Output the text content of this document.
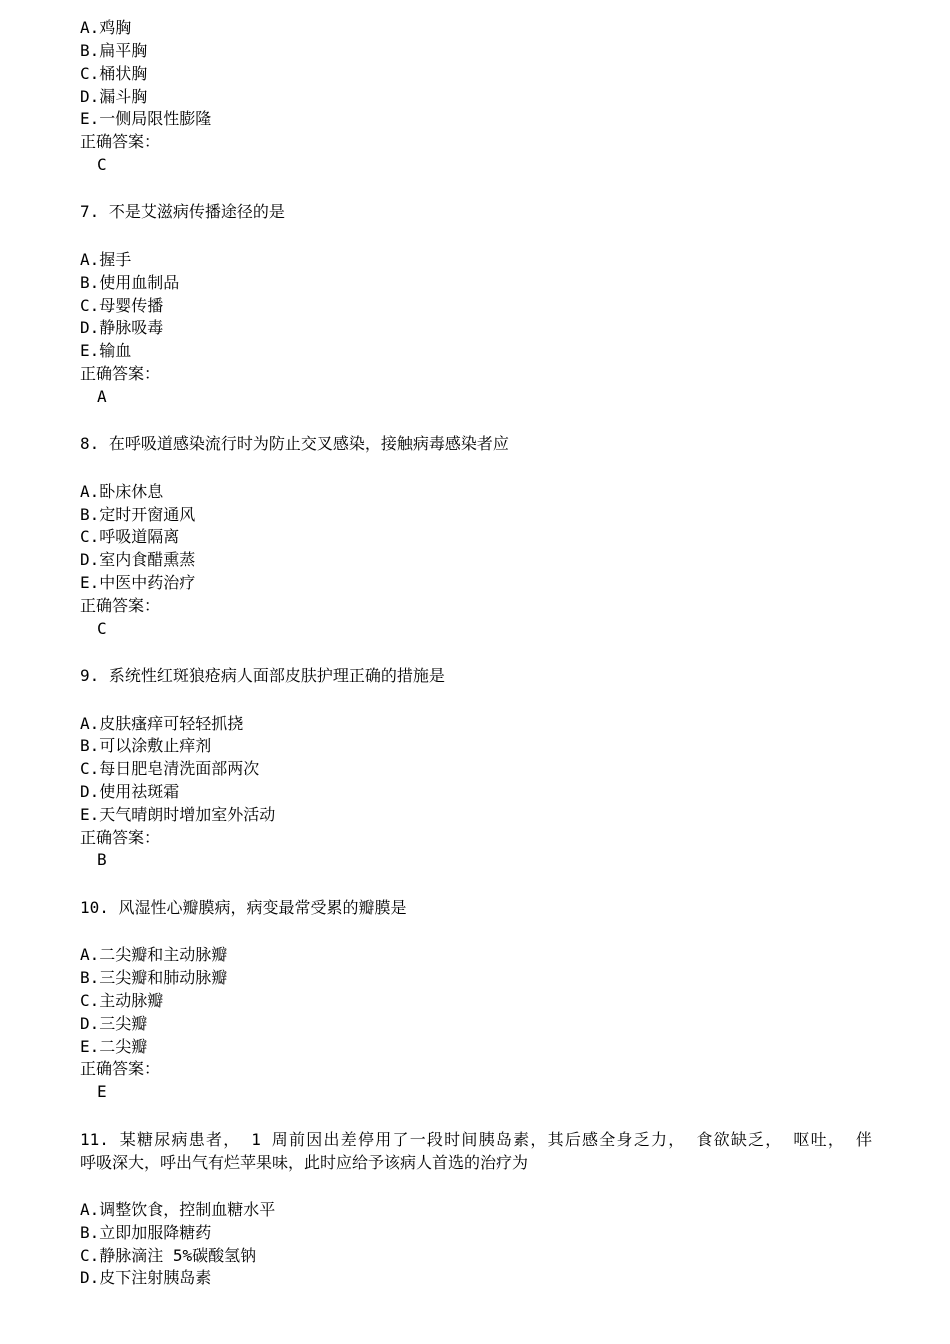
A.鸡胸
B.扁平胸
C.桶状胸
D.漏斗胸
E.一侧局限性膨隆
正确答案：
C
7. 不是艾滋病传播途径的是
A.握手
B.使用血制品
C.母婴传播
D.静脉吸毒
E.输血
正确答案：
A
8. 在呼吸道感染流行时为防止交叉感染，接触病毒感染者应
A.卧床休息
B.定时开窗通风
C.呼吸道隔离
D.室内食醋熏蒸
E.中医中药治疗
正确答案：
C
9. 系统性红斑狼疮病人面部皮肤护理正确的措施是
A.皮肤瘙痒可轻轻抓挠
B.可以涂敷止痒剂
C.每日肥皂清洗面部两次
D.使用祛斑霜
E.天气晴朗时增加室外活动
正确答案：
B
10. 风湿性心瓣膜病，病变最常受累的瓣膜是
A.二尖瓣和主动脉瓣
B.三尖瓣和肺动脉瓣
C.主动脉瓣
D.三尖瓣
E.二尖瓣
正确答案：
E
11. 某糖尿病患者， 1 周前因出差停用了一段时间胰岛素，其后感全身乏力， 食欲缺乏， 呕吐， 伴
呼吸深大，呼出气有烂苹果味，此时应给予该病人首选的治疗为
A.调整饮食，控制血糖水平
B.立即加服降糖药
C.静脉滴注 5%碳酸氢钠
D.皮下注射胰岛素
